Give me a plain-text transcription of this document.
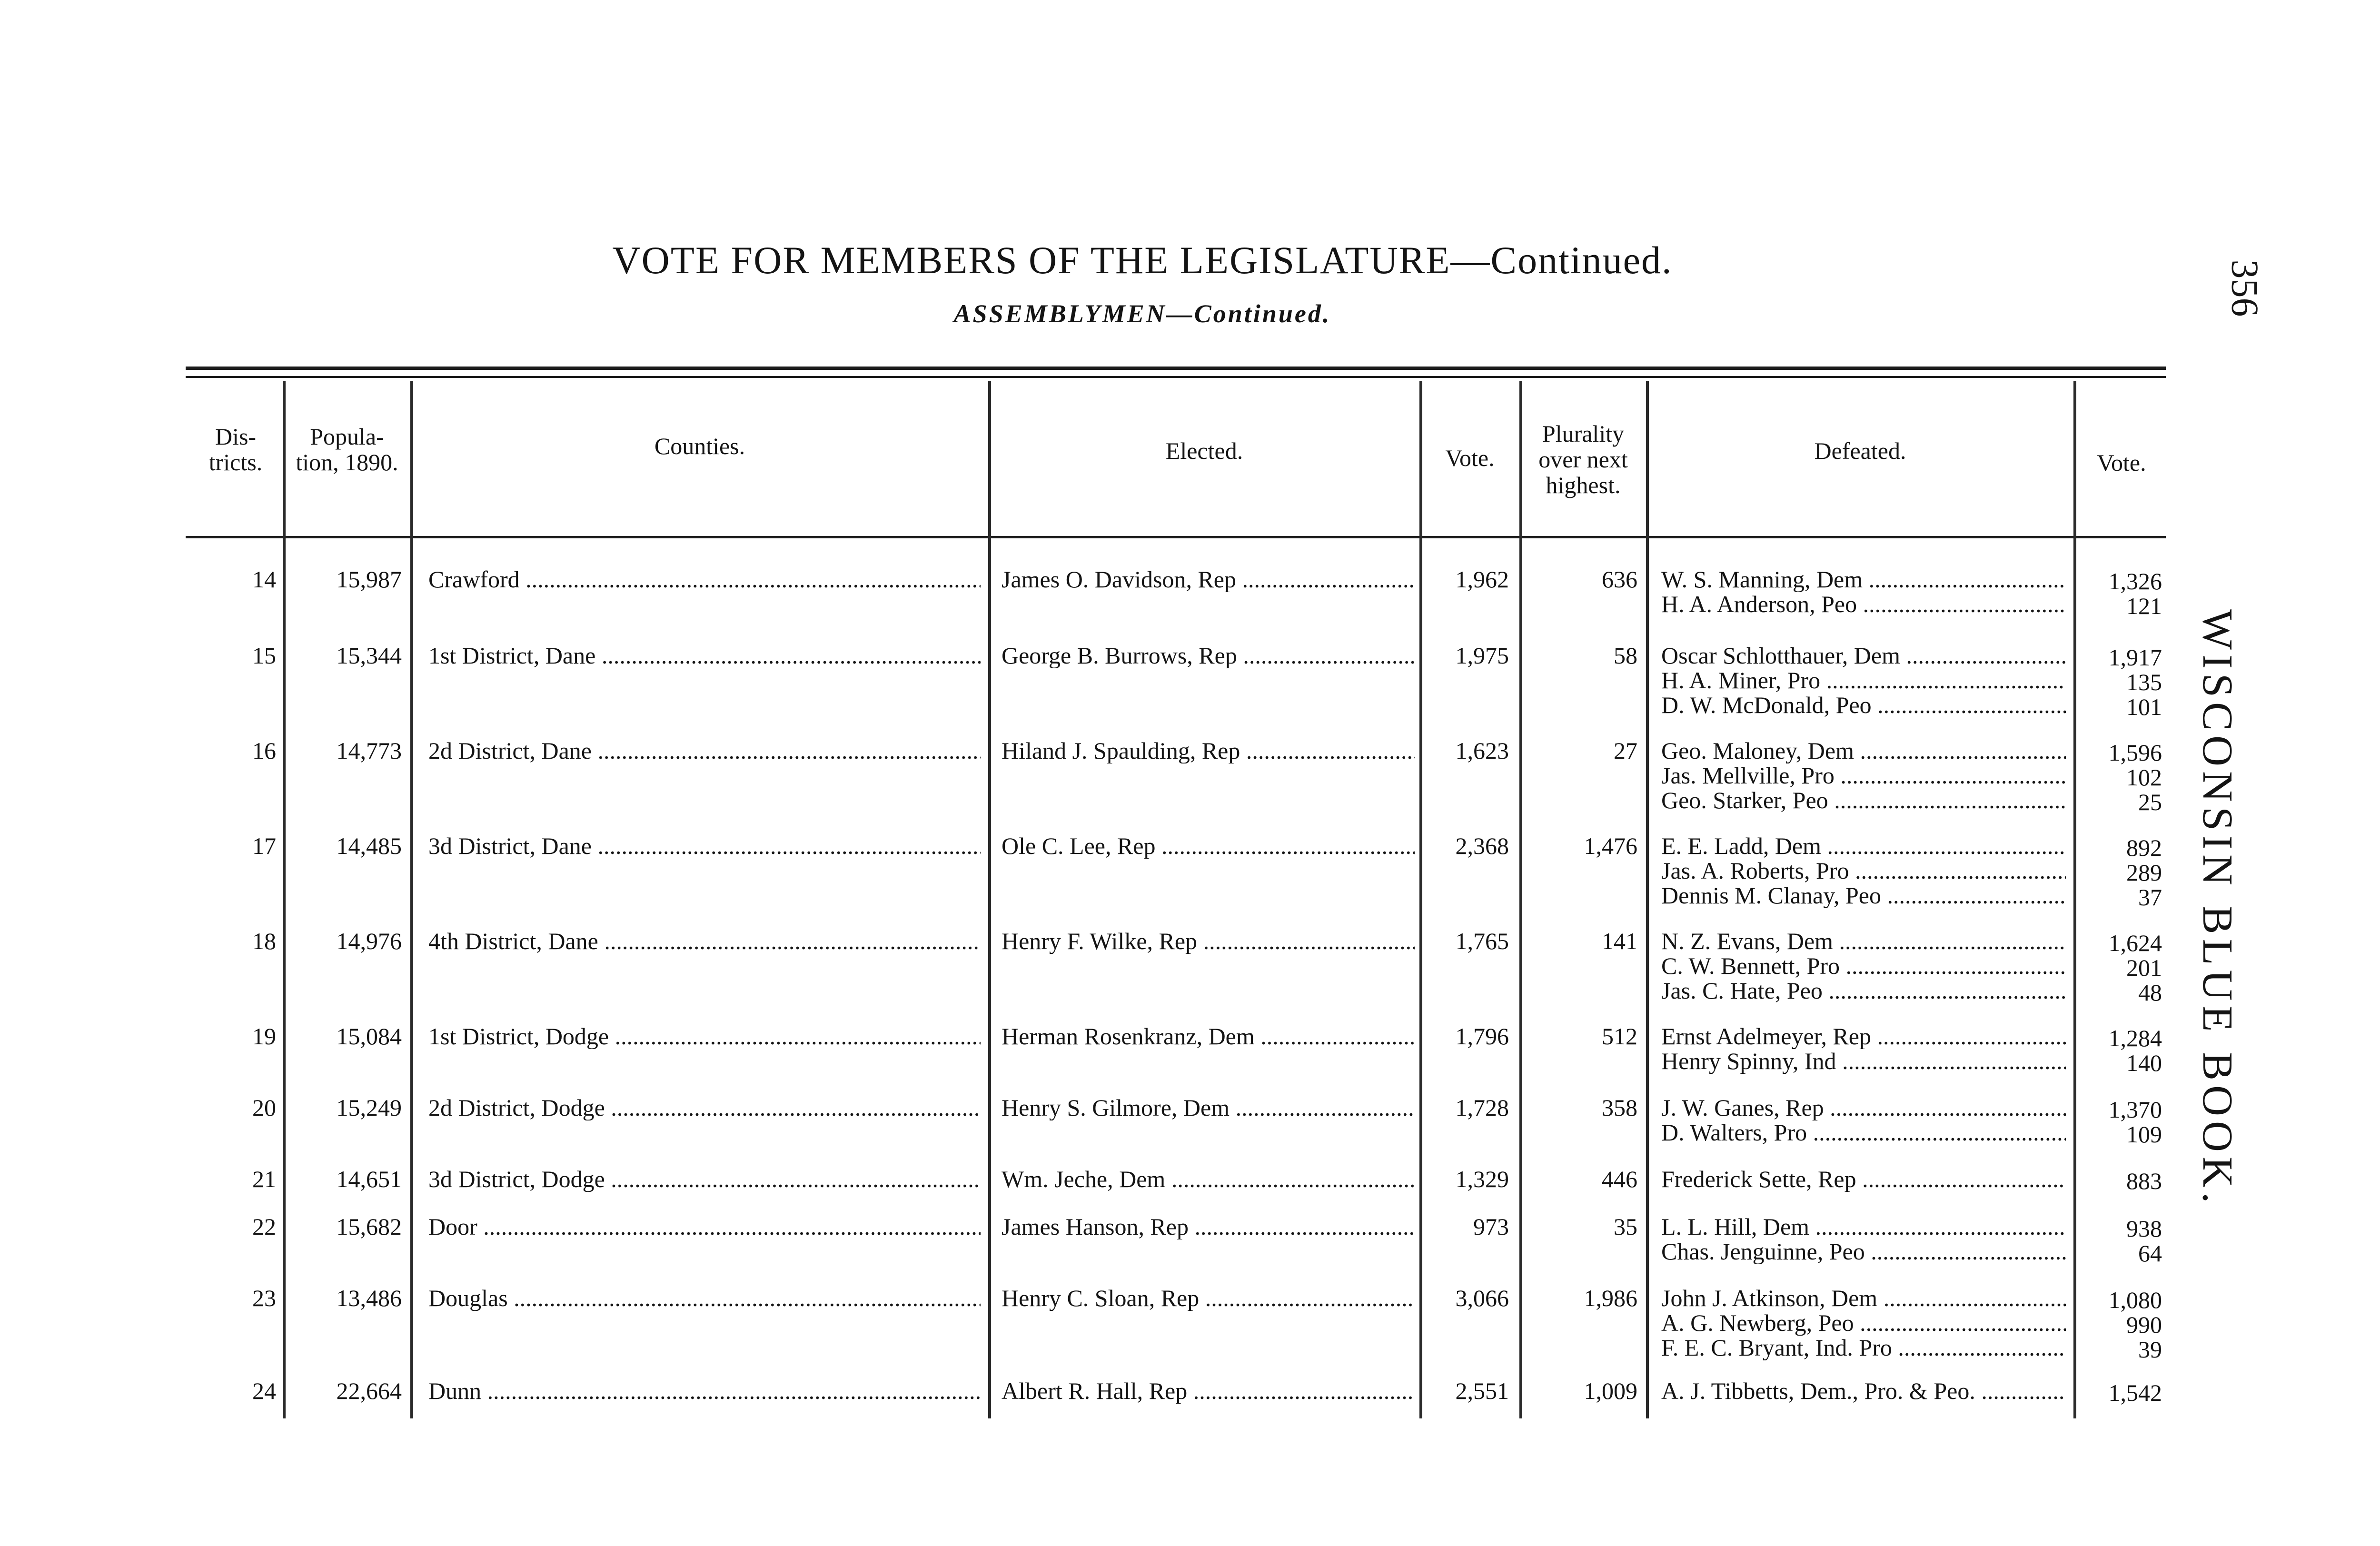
VOTE FOR MEMBERS OF THE LEGISLATURE—Continued.
ASSEMBLYMEN—Continued.	356
WISCONSIN BLUE BOOK.
Dis- tricts.
Popula- tion, 1890.
Counties.	Elected.	Vote.
Plurality over next highest.
Defeated.	Vote.
14	15,987 Crawford .....	James O. Davidson, Rep .....	1,962	636 W. S. Manning, Dem .....	1,326
H. A. Anderson, Peo .....	121
15	15,344 1st District, Dane .....	George B. Burrows, Rep .....	1,975	58 Oscar Schlotthauer, Dem .....	1,917
H. A. Miner, Pro .....	135
D. W. McDonald, Peo .....	101
16	14,773 2d District, Dane .....	Hiland J. Spaulding, Rep .....	1,623	27 Geo. Maloney, Dem .....	1,596
Jas. Mellville, Pro .....	102
Geo. Starker, Peo .....	25
17	14,485 3d District, Dane .....	Ole C. Lee, Rep .....	2,368	1,476 E. E. Ladd, Dem .....	892
Jas. A. Roberts, Pro .....	289
Dennis M. Clanay, Peo .....	37
18	14,976 4th District, Dane .....	Henry F. Wilke, Rep .....	1,765	141 N. Z. Evans, Dem .....	1,624
C. W. Bennett, Pro .....	201
Jas. C. Hate, Peo .....	48
19	15,084 1st District, Dodge .....	Herman Rosenkranz, Dem .....	1,796	512 Ernst Adelmeyer, Rep .....	1,284
Henry Spinny, Ind .....	140
20	15,249 2d District, Dodge .....	Henry S. Gilmore, Dem .....	1,728	358 J. W. Ganes, Rep .....	1,370
D. Walters, Pro .....	109
21	14,651 3d District, Dodge .....	Wm. Jeche, Dem .....	1,329	446 Frederick Sette, Rep .....	883
22	15,682 Door .....	James Hanson, Rep .....	973	35 L. L. Hill, Dem .....	938
Chas. Jenguinne, Peo .....	64
23	13,486 Douglas .....	Henry C. Sloan, Rep .....	3,066	1,986 John J. Atkinson, Dem .....	1,080
A. G. Newberg, Peo .....	990
F. E. C. Bryant, Ind. Pro .....	39
24	22,664 Dunn .....	Albert R. Hall, Rep .....	2,551	1,009 A. J. Tibbetts, Dem., Pro. & Peo. .....	1,542
